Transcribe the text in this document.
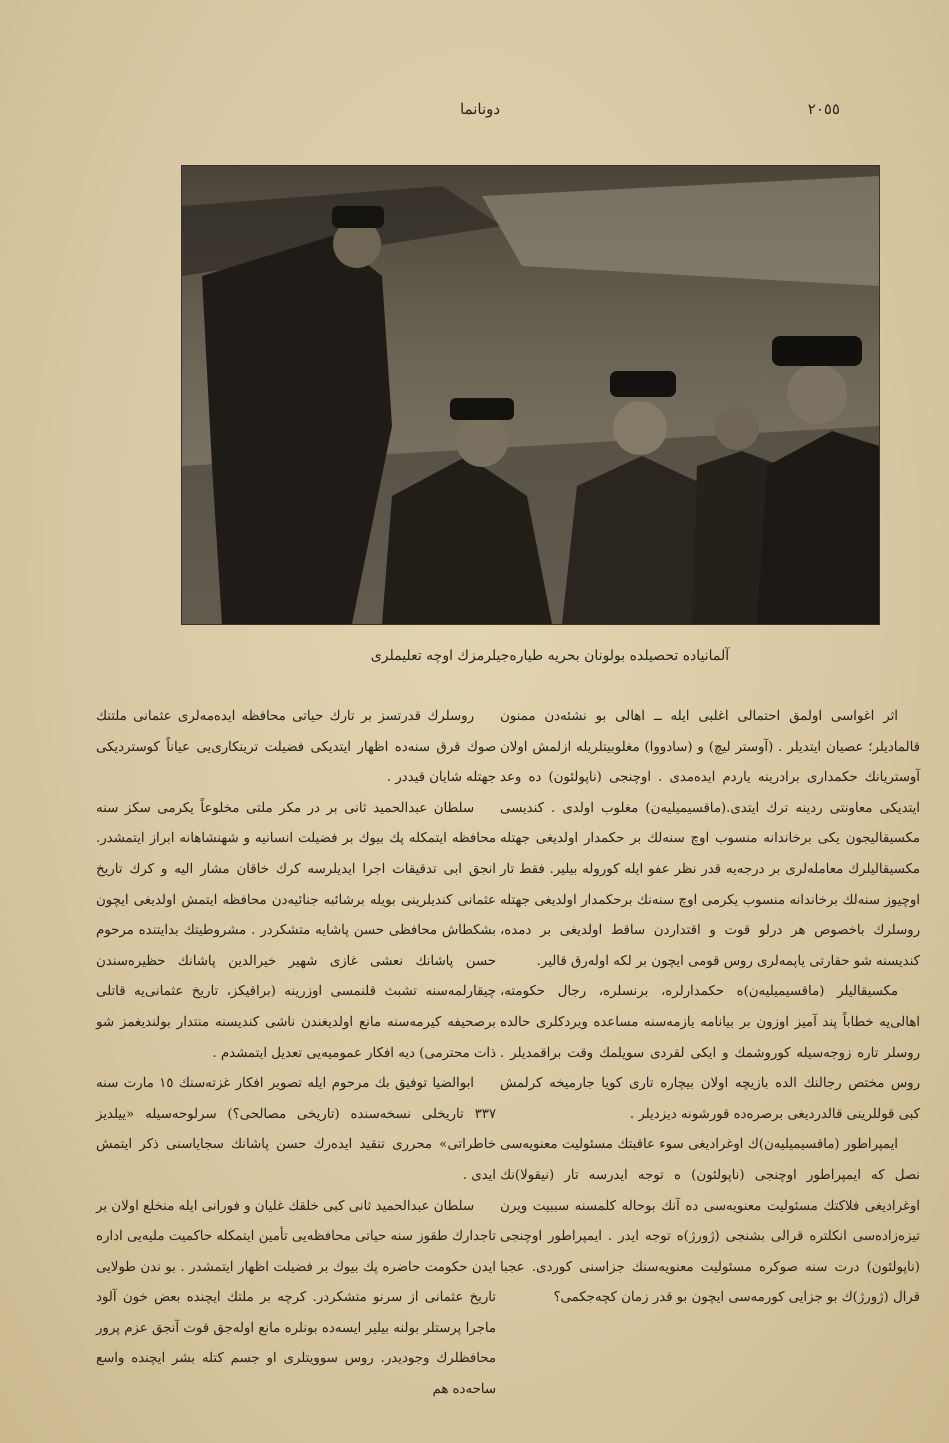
٢٠٥٥
دونانما
آلمانياده تحصيلده بولونان بحريه طياره‌جيلرمزك اوچه تعليملری

اثر اغواسی اولمق احتمالی اغلبی ایله ــ اهالی بو نشئه‌دن ممنون قالمادیلر؛ عصیان ایتدیلر . (آوستر لیچ) و (سادووا) مغلوبیتلریله ازلمش اولان آوستریانك حکمداری برادرینه یاردم ایده‌مدی . اوچنجی (ناپولئون) ده وعد ایتدیکی معاونتی ردینه ترك ایتدی.(ماقسیمیلیه‌ن) مغلوب اولدی . کندیسی مکسیقالیجون یکی برخاندانه منسوب اوچ سنه‌لك بر حکمدار اولدیغی جهتله مکسیقالیلرك معامله‌لری بر درجه‌یه قدر نظر عفو ایله کوروله بیلیر. فقط تار اوچیوز سنه‌لك برخاندانه منسوب یکرمی اوچ سنه‌نك برحکمدار اولدیغی جهتله روسلرك باخصوص هر درلو قوت و اقتداردن ساقط اولدیغی بر دمده، کندیسنه شو حقارتی یاپمه‌لری روس قومی ایچون بر لکه اوله‌رق قالیر.

مکسیقالیلر (ماقسیمیلیه‌ن)ه حکمدارلره، برنسلره، رجال حکومته، اهالی‌یه خطاباً پند آمیز اوزون بر بیانامه یازمه‌سنه مساعده ویردکلری حالده روسلر تاره زوجه‌سیله کوروشمك و ایکی لقردی سویلمك وقت براقمدیلر . روس مختص رجالنك الده بازیچه اولان بیچاره تاری کویا جارمیخه کرلمش کبی قوللرینی قالدردیغی برصره‌ده قورشونه دیزدیلر .

ایمپراطور (ماقسیمیلیه‌ن)ك اوغرادیغی سوء عاقبتك مسئولیت معنویه‌سی نصل که ایمپراطور اوچنجی (ناپولئون) ه توجه ایدرسه تار (نیقولا)نك اوغرادیغی فلاكتك مسئولیت معنویه‌سی ده آنك بوحاله کلمسنه سببیت ویرن تیزه‌زاده‌سی انکلتره قرالی بشنجی (ژورژ)ه توجه ایدر . ایمپراطور اوچنجی (ناپولئون) درت سنه صوکره مسئولیت معنویه‌سنك جزاسنی کوردی. عجبا قرال (ژورژ)ك بو جزایی کورمه‌سی ایچون بو قدر زمان کچه‌جکمی؟

روسلرك قدرتسز بر تارك حیاتی محافظه ایده‌مه‌لری عثمانی ملتنك صوك قرق سنه‌ده اظهار ایتدیکی فضیلت ترینکاری‌یی عیاناً کوستردیکی جهتله شایان قیددر .

سلطان عبدالحمید ثانی بر در مکر ملتی مخلوعاً یکرمی سکز سنه محافظه ایتمکله پك بیوك بر فضیلت انسانیه و شهنشاهانه ابراز ایتمشدر. انجق ابی تدقیقات اجرا ایدیلرسه کرك خاقان مشار الیه و کرك تاریخ عثمانی کندیلرینی بویله برشائبه جنائیه‌دن محافظه ایتمش اولدیغی ایچون بشکطاش محافظی حسن پاشایه متشکردر . مشروطیتك بدایتنده مرحوم حسن پاشانك نعشی غازی شهیر خیرالدین پاشانك حظیره‌سندن چیقارلمه‌سنه تشبث قلنمسی اوزرینه (براقیکز، تاریخ عثمانی‌یه قاتلی برصحیفه کیرمه‌سنه مانع اولدیغندن ناشی کندیسنه منتدار بولندیغمز شو ذات محترمی) دیه افکار عمومیه‌یی تعدیل ایتمشدم .

ابوالضیا توفیق بك مرحوم ایله تصویر افکار غزته‌سنك ١٥ مارت سنه ٣٣٧ تاریخلی نسخه‌سنده (تاریخی مصالحی؟) سرلوحه‌سیله «ییلدیز خاطراتی» محرری تنقید ایده‌رك حسن پاشانك سجایاسنی ذکر ایتمش ایدی .

سلطان عبدالحمید ثانی کبی خلقك غلیان و فورانی ایله منخلع اولان بر تاجدارك طقوز سنه حیاتی محافظه‌یی تأمین ایتمکله حاکمیت ملیه‌یی اداره ایدن حکومت حاضره پك بیوك بر فضیلت اظهار ایتمشدر . بو ندن طولایی تاریخ عثمانی از سرنو متشکردر. کرچه بر ملتك ایچنده بعض خون آلود ماجرا پرستلر بولنه بیلیر ایسه‌ده بونلره مانع اوله‌جق قوت آنجق عزم پرور محافظلرك وجودیدر. روس سوویتلری او جسم کتله بشر ایچنده واسع ساحه‌ده هم
